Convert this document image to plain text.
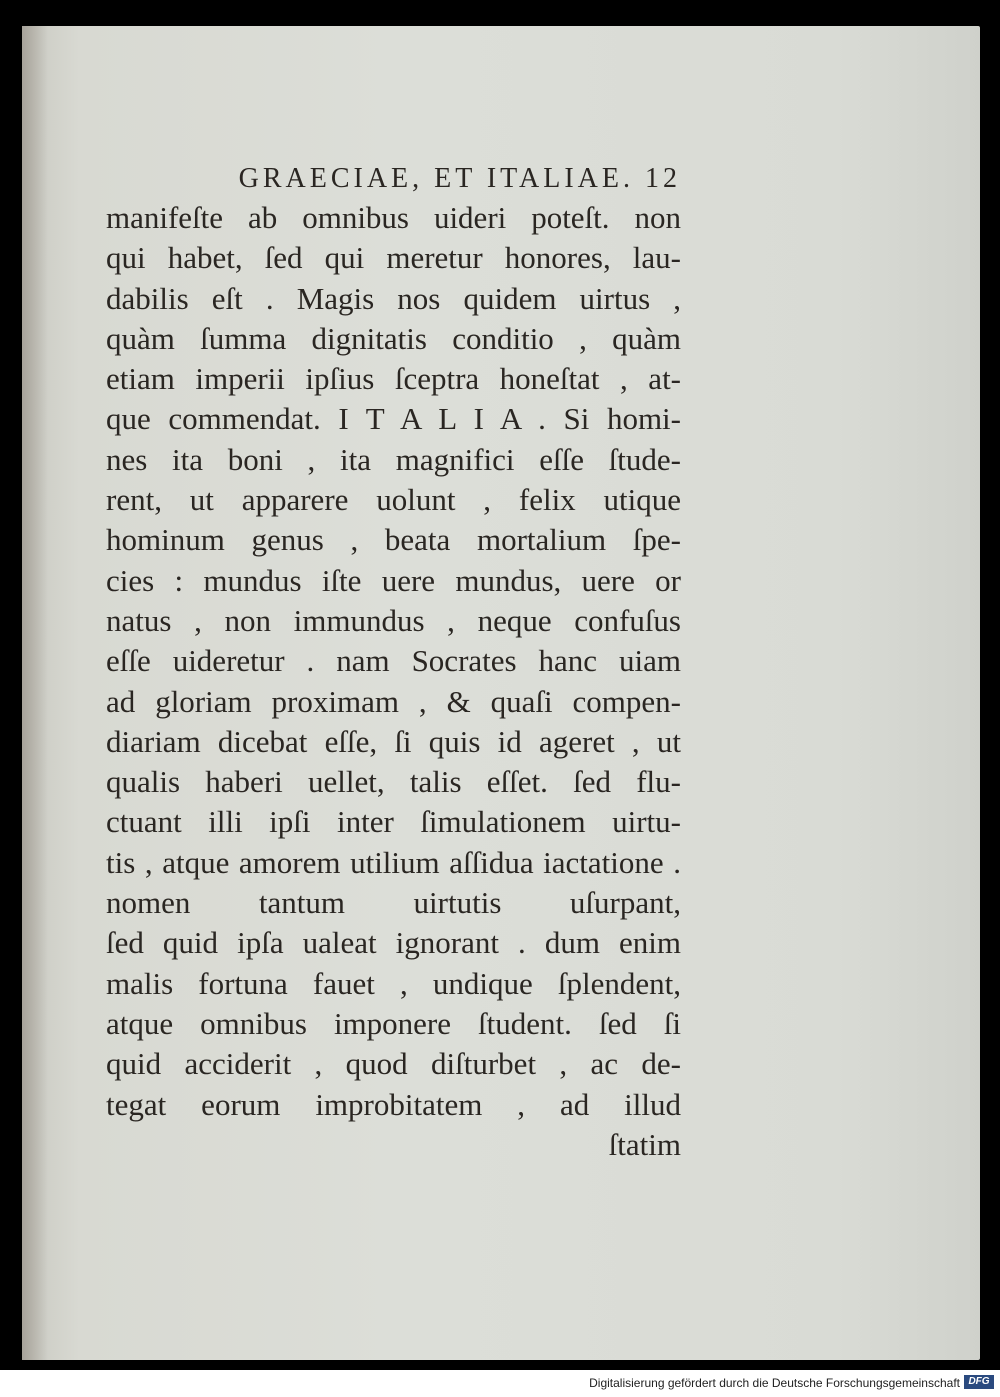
GRAECIAE, ET ITALIAE. 12
manifeſte ab omnibus uideri poteſt. non
qui habet, ſed qui meretur honores, lau-
dabilis eſt . Magis nos quidem uirtus ,
quàm ſumma dignitatis conditio , quàm
etiam imperii ipſius ſceptra honeſtat , at-
que commendat. I T A L I A . Si homi-
nes ita boni , ita magnifici eſſe ſtude-
rent, ut apparere uolunt , felix utique
hominum genus , beata mortalium ſpe-
cies : mundus iſte uere mundus, uere or
natus , non immundus , neque confuſus
eſſe uideretur . nam Socrates hanc uiam
ad gloriam proximam , & quaſi compen-
diariam dicebat eſſe, ſi quis id ageret , ut
qualis haberi uellet, talis eſſet. ſed flu-
ctuant illi ipſi inter ſimulationem uirtu-
tis , atque amorem utilium aſſidua iactatione . nomen tantum uirtutis uſurpant,
ſed quid ipſa ualeat ignorant . dum enim
malis fortuna fauet , undique ſplendent,
atque omnibus imponere ſtudent. ſed ſi
quid acciderit , quod diſturbet , ac de-
tegat eorum improbitatem , ad illud
ſtatim
Digitalisierung gefördert durch die Deutsche Forschungsgemeinschaft DFG
